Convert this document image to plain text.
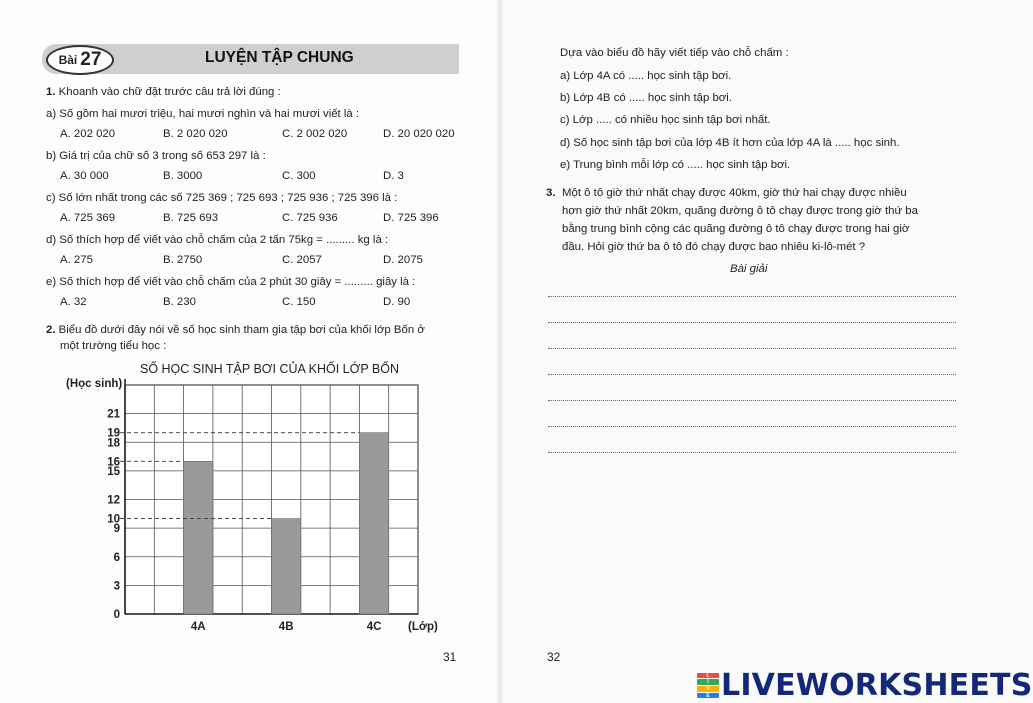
Bài 27	LUYỆN TẬP CHUNG
1. Khoanh vào chữ đặt trước câu trả lời đúng :
a) Số gồm hai mươi triệu, hai mươi nghìn và hai mươi viết là :
A. 202 020	B. 2 020 020	C. 2 002 020	D. 20 020 020
b) Giá trị của chữ số 3 trong số 653 297 là :
A. 30 000	B. 3000	C. 300	D. 3
c) Số lớn nhất trong các số 725 369 ; 725 693 ; 725 936 ; 725 396 là :
A. 725 369	B. 725 693	C. 725 936	D. 725 396
d) Số thích hợp để viết vào chỗ chấm của 2 tấn 75kg = ......... kg là :
A. 275	B. 2750	C. 2057	D. 2075
e) Số thích hợp để viết vào chỗ chấm của 2 phút 30 giây = ......... giây là :
A. 32	B. 230	C. 150	D. 90
2. Biểu đồ dưới đây nói về số học sinh tham gia tập bơi của khối lớp Bốn ở
một trường tiểu học :
SỐ HỌC SINH TẬP BƠI CỦA KHỐI LỚP BỐN
(Học sinh)
(Lớp)
0
3
6
9
10
12
15
16
18
19
21
4A	4B	4C
31
Dựa vào biểu đồ hãy viết tiếp vào chỗ chấm :
a) Lớp 4A có ..... học sinh tập bơi.
b) Lớp 4B có ..... học sinh tập bơi.
c) Lớp ..... có nhiều học sinh tập bơi nhất.
d) Số học sinh tập bơi của lớp 4B ít hơn của lớp 4A là ..... học sinh.
e) Trung bình mỗi lớp có ..... học sinh tập bơi.
3. Một ô tô giờ thứ nhất chạy được 40km, giờ thứ hai chạy được nhiều
hơn giờ thứ nhất 20km, quãng đường ô tô chạy được trong giờ thứ ba
bằng trung bình cộng các quãng đường ô tô chạy được trong hai giờ
đầu. Hỏi giờ thứ ba ô tô đó chạy được bao nhiêu ki-lô-mét ?
Bài giải
32
L
I
V
E LIVEWORKSHEETS
